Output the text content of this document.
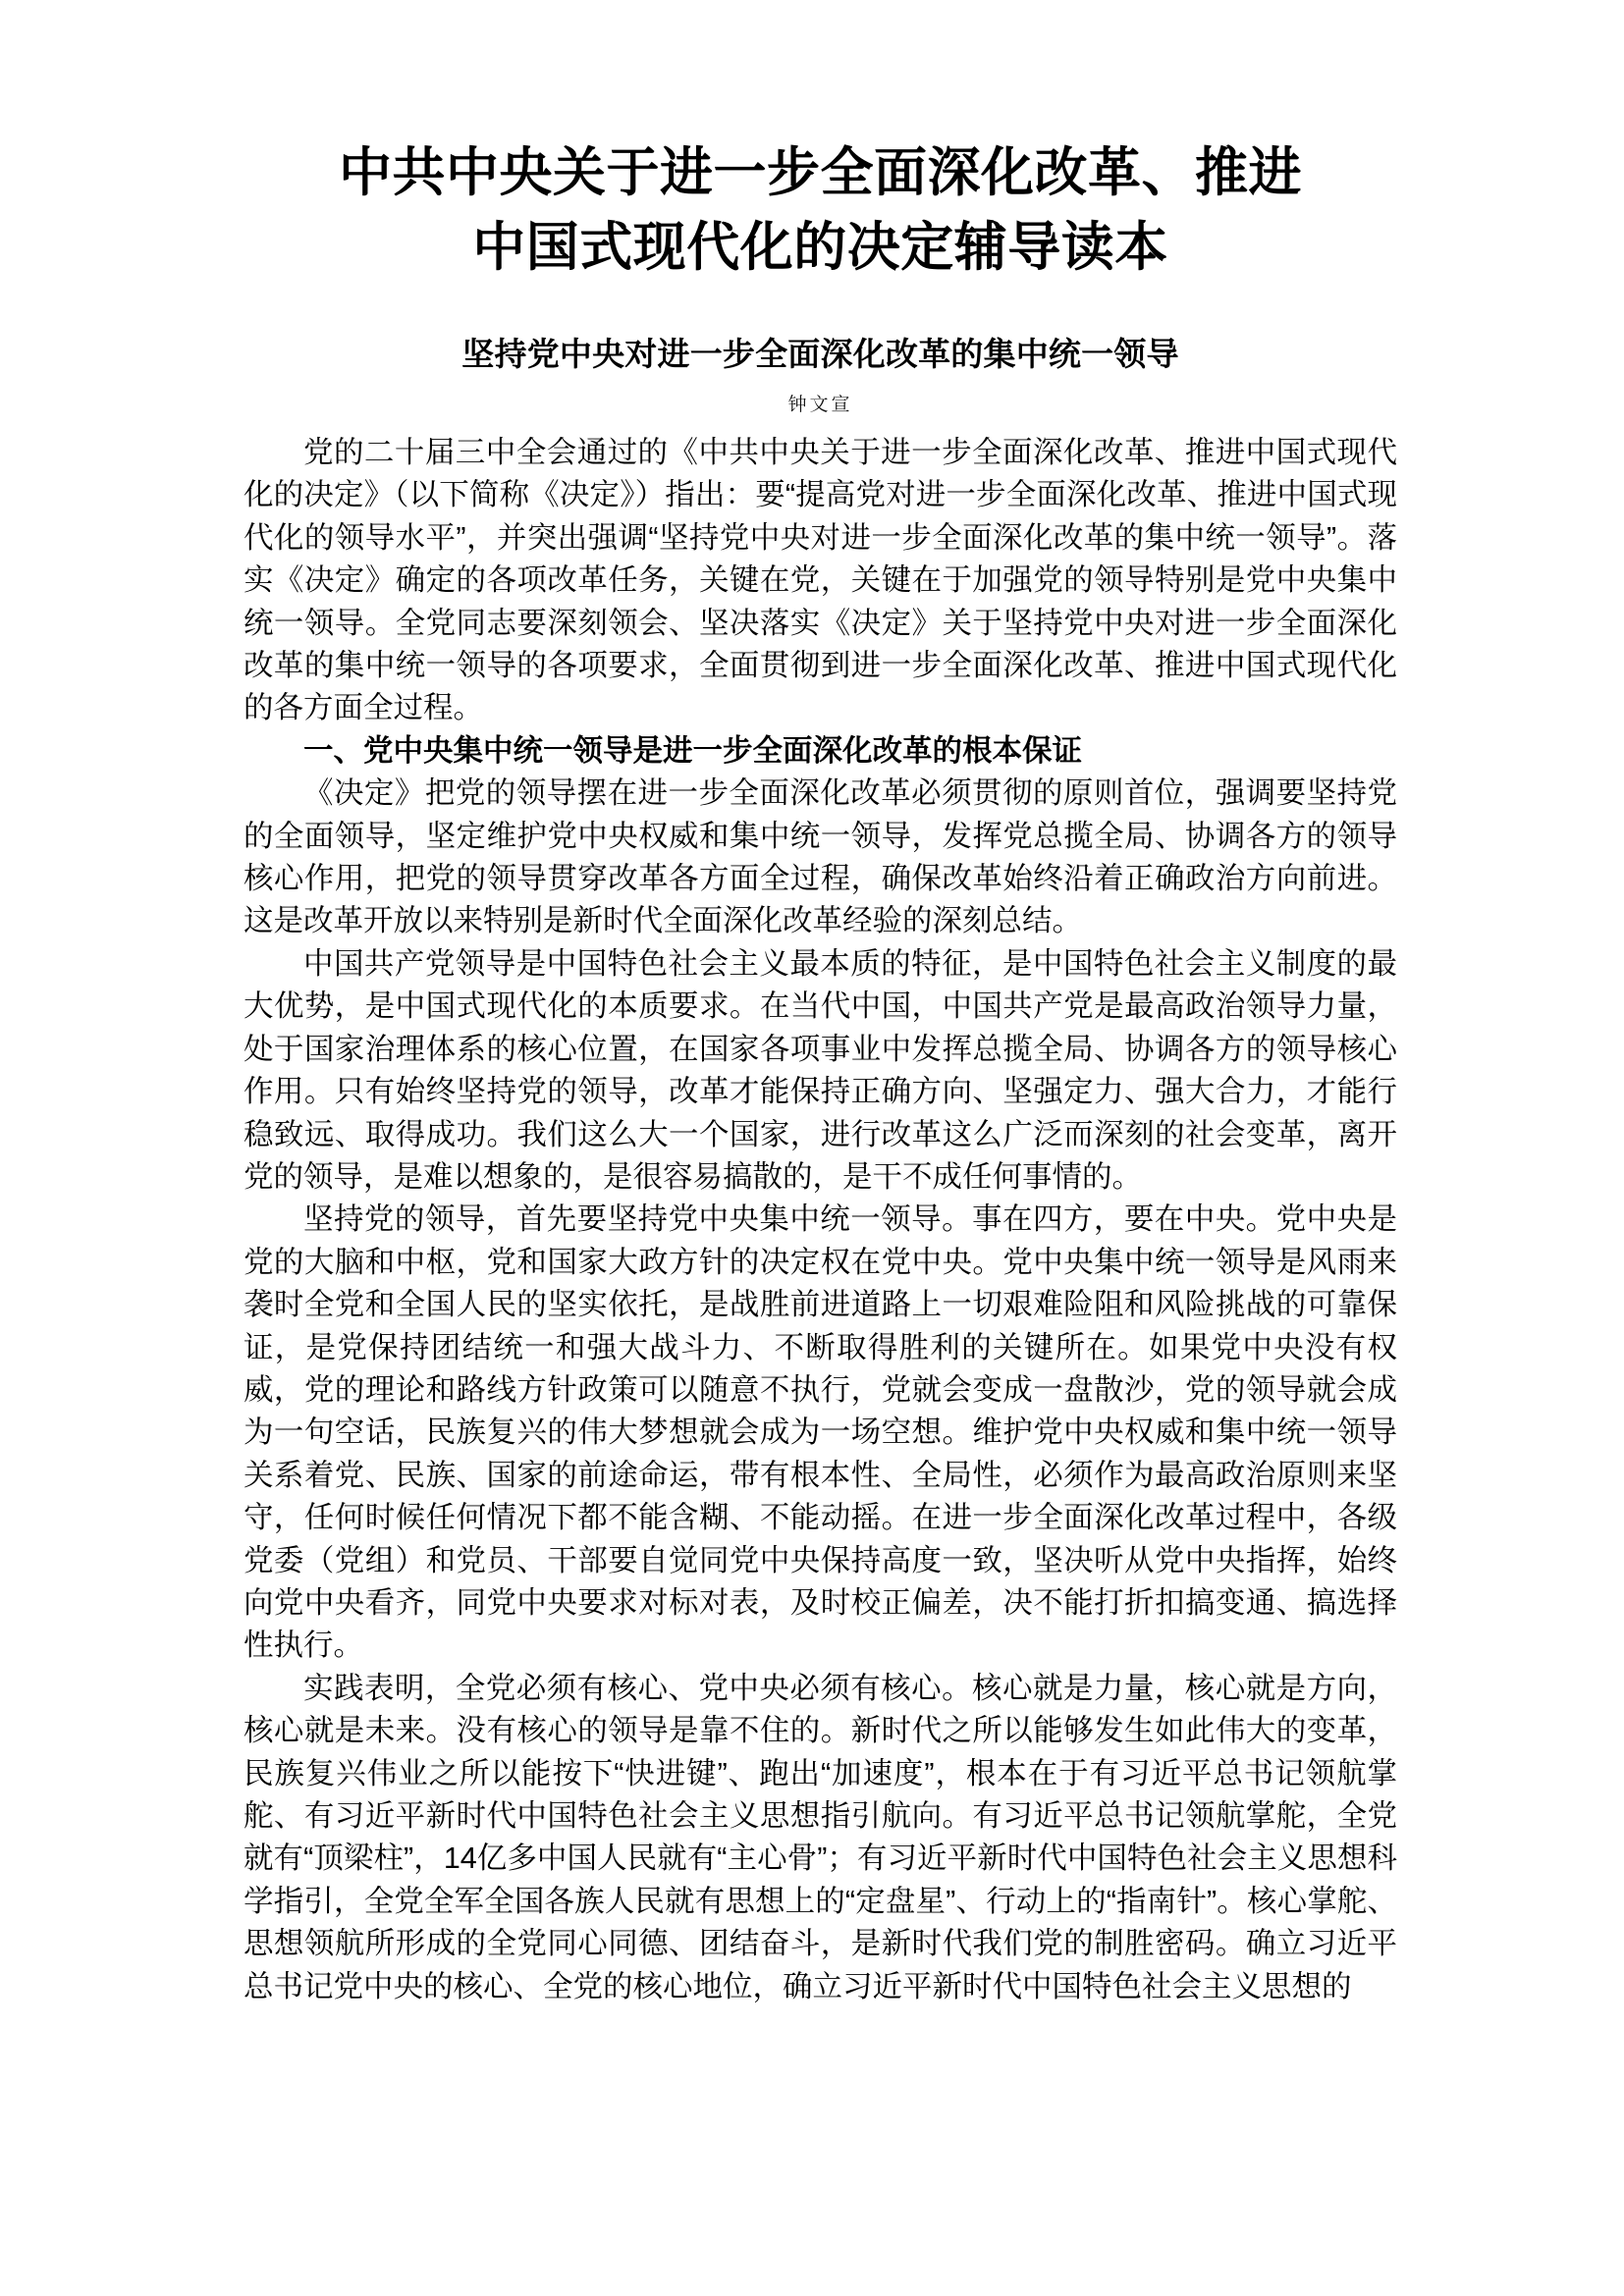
中共中央关于进一步全面深化改革、推进
中国式现代化的决定辅导读本
坚持党中央对进一步全面深化改革的集中统一领导
钟文宣

党的二十届三中全会通过的《中共中央关于进一步全面深化改革、推进中国式现代化的决定》（以下简称《决定》）指出：要“提高党对进一步全面深化改革、推进中国式现代化的领导水平”，并突出强调“坚持党中央对进一步全面深化改革的集中统一领导”。落实《决定》确定的各项改革任务，关键在党，关键在于加强党的领导特别是党中央集中统一领导。全党同志要深刻领会、坚决落实《决定》关于坚持党中央对进一步全面深化改革的集中统一领导的各项要求，全面贯彻到进一步全面深化改革、推进中国式现代化的各方面全过程。

一、党中央集中统一领导是进一步全面深化改革的根本保证

《决定》把党的领导摆在进一步全面深化改革必须贯彻的原则首位，强调要坚持党的全面领导，坚定维护党中央权威和集中统一领导，发挥党总揽全局、协调各方的领导核心作用，把党的领导贯穿改革各方面全过程，确保改革始终沿着正确政治方向前进。这是改革开放以来特别是新时代全面深化改革经验的深刻总结。

中国共产党领导是中国特色社会主义最本质的特征，是中国特色社会主义制度的最大优势，是中国式现代化的本质要求。在当代中国，中国共产党是最高政治领导力量，处于国家治理体系的核心位置，在国家各项事业中发挥总揽全局、协调各方的领导核心作用。只有始终坚持党的领导，改革才能保持正确方向、坚强定力、强大合力，才能行稳致远、取得成功。我们这么大一个国家，进行改革这么广泛而深刻的社会变革，离开党的领导，是难以想象的，是很容易搞散的，是干不成任何事情的。

坚持党的领导，首先要坚持党中央集中统一领导。事在四方，要在中央。党中央是党的大脑和中枢，党和国家大政方针的决定权在党中央。党中央集中统一领导是风雨来袭时全党和全国人民的坚实依托，是战胜前进道路上一切艰难险阻和风险挑战的可靠保证，是党保持团结统一和强大战斗力、不断取得胜利的关键所在。如果党中央没有权威，党的理论和路线方针政策可以随意不执行，党就会变成一盘散沙，党的领导就会成为一句空话，民族复兴的伟大梦想就会成为一场空想。维护党中央权威和集中统一领导关系着党、民族、国家的前途命运，带有根本性、全局性，必须作为最高政治原则来坚守，任何时候任何情况下都不能含糊、不能动摇。在进一步全面深化改革过程中，各级党委（党组）和党员、干部要自觉同党中央保持高度一致，坚决听从党中央指挥，始终向党中央看齐，同党中央要求对标对表，及时校正偏差，决不能打折扣搞变通、搞选择性执行。

实践表明，全党必须有核心、党中央必须有核心。核心就是力量，核心就是方向，核心就是未来。没有核心的领导是靠不住的。新时代之所以能够发生如此伟大的变革，民族复兴伟业之所以能按下“快进键”、跑出“加速度”，根本在于有习近平总书记领航掌舵、有习近平新时代中国特色社会主义思想指引航向。有习近平总书记领航掌舵，全党就有“顶梁柱”，14亿多中国人民就有“主心骨”；有习近平新时代中国特色社会主义思想科学指引，全党全军全国各族人民就有思想上的“定盘星”、行动上的“指南针”。核心掌舵、思想领航所形成的全党同心同德、团结奋斗，是新时代我们党的制胜密码。确立习近平总书记党中央的核心、全党的核心地位，确立习近平新时代中国特色社会主义思想的
